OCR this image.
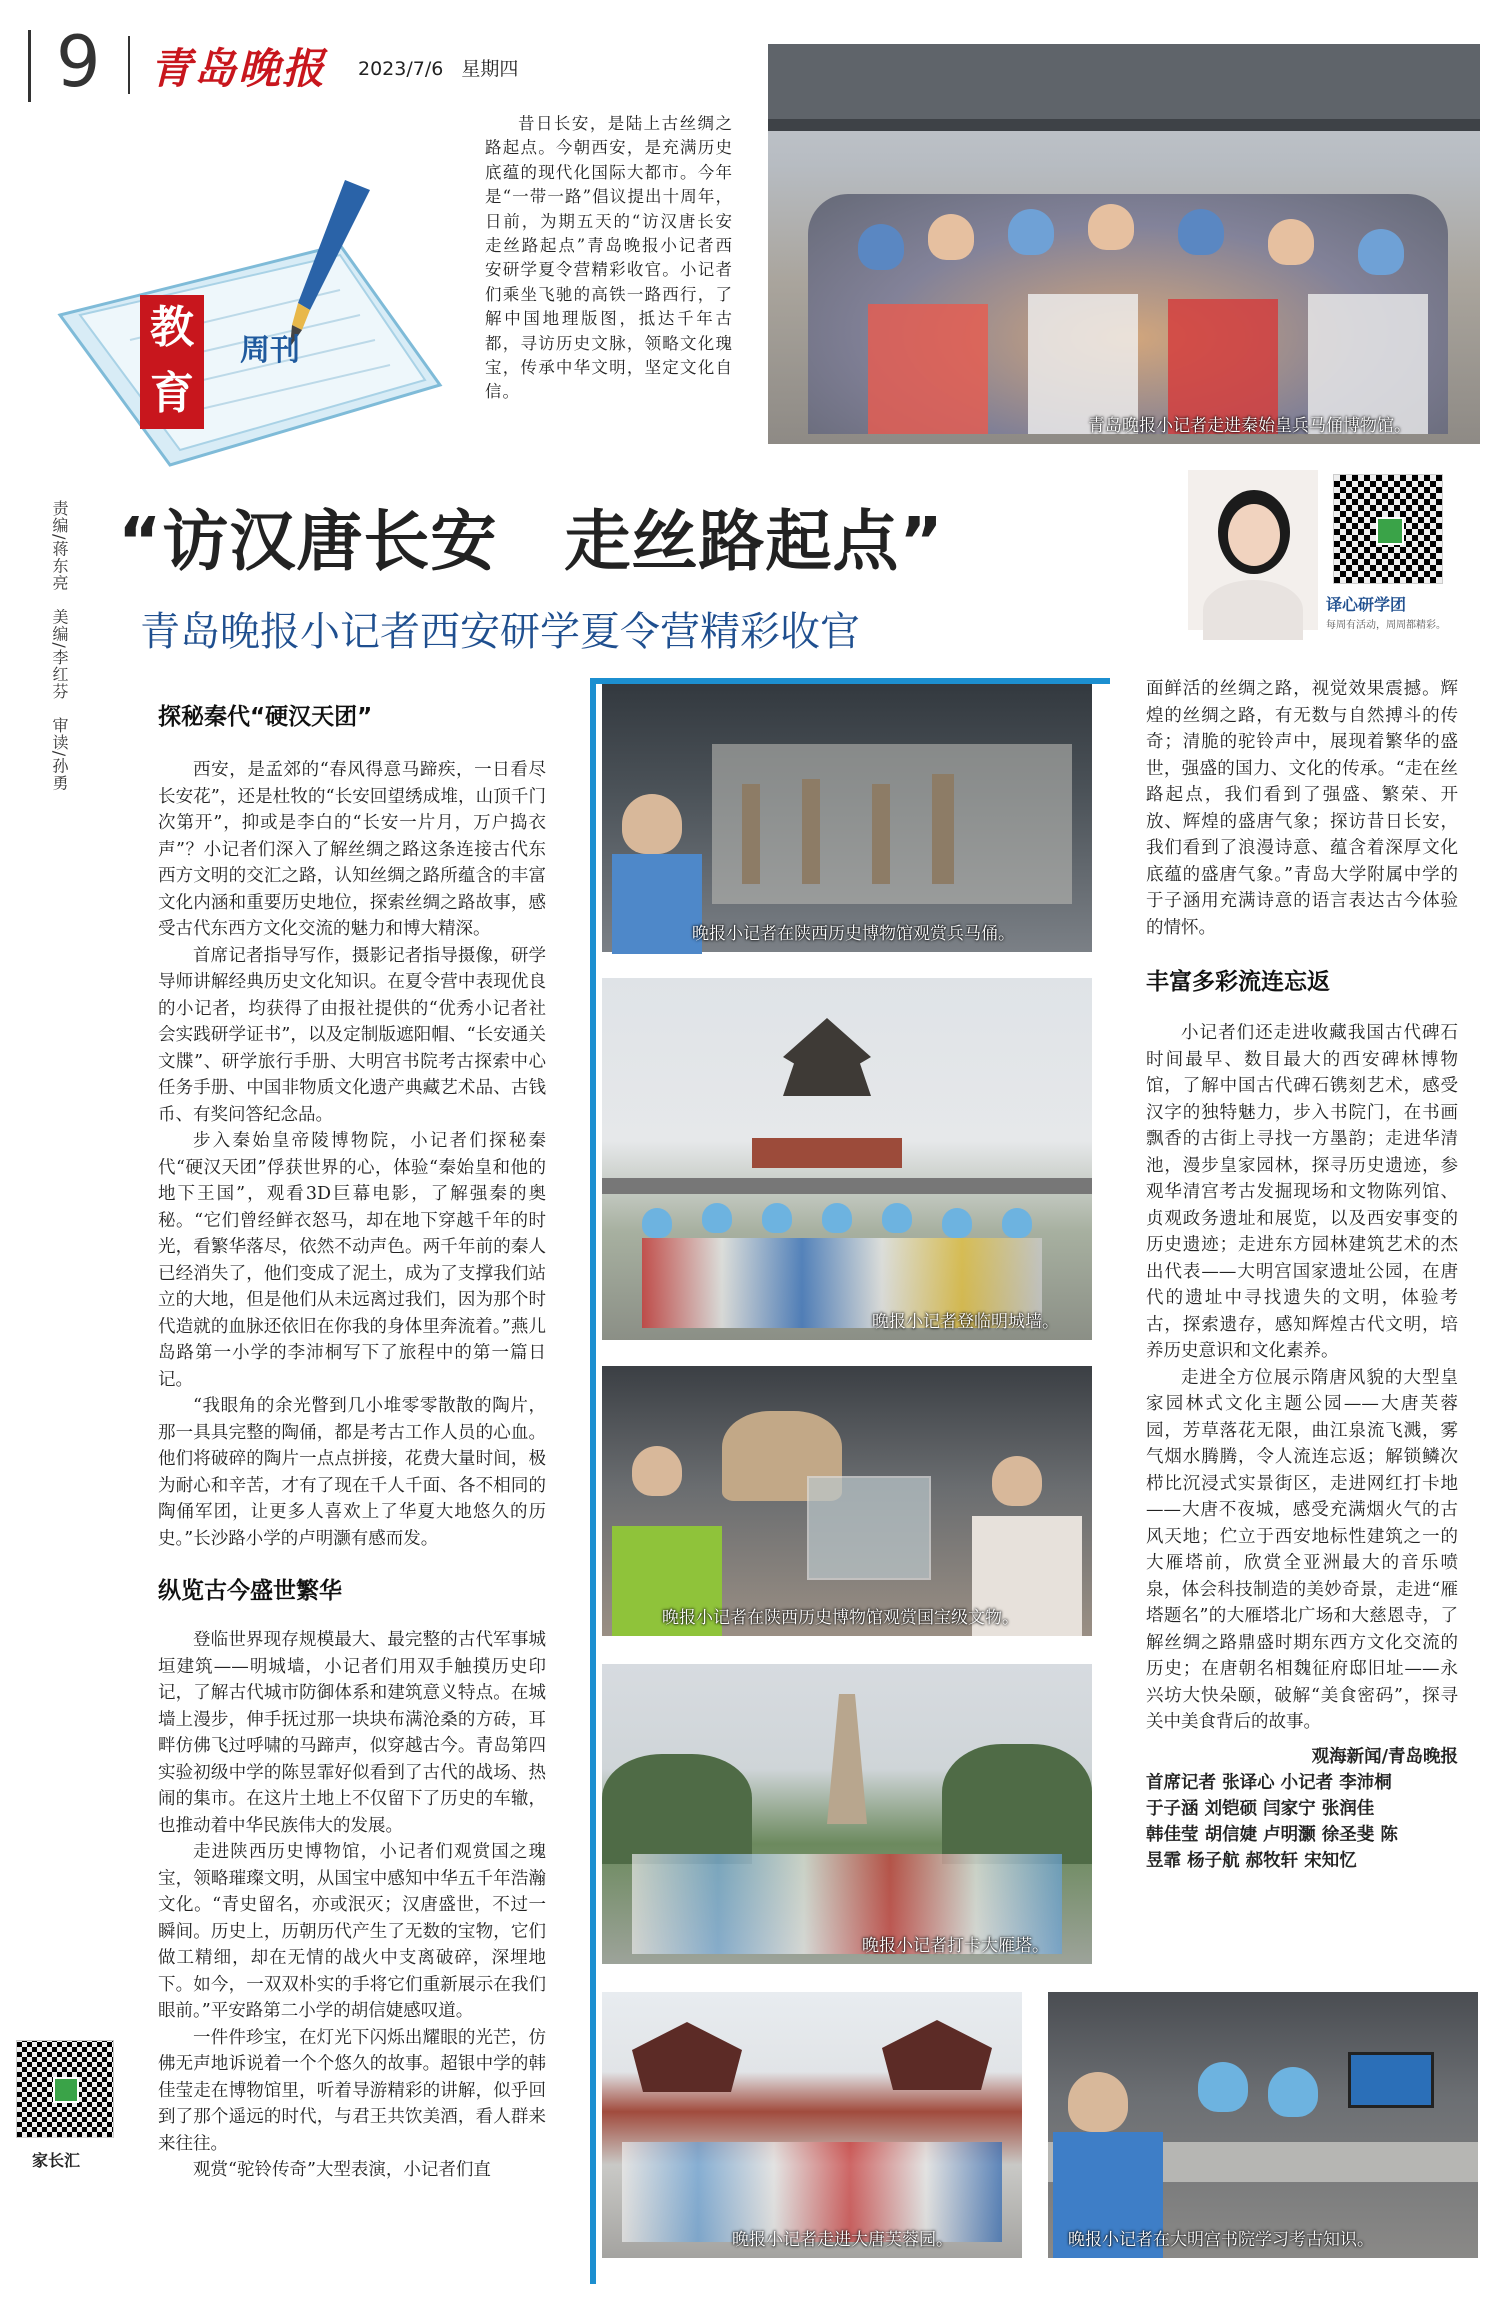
9 青岛晚报 2023/7/6 星期四
教
育
周刊

昔日长安，是陆上古丝绸之路起点。今朝西安，是充满历史底蕴的现代化国际大都市。今年是“一带一路”倡议提出十周年，日前，为期五天的“访汉唐长安　走丝路起点”青岛晚报小记者西安研学夏令营精彩收官。小记者们乘坐飞驰的高铁一路西行，了解中国地理版图，抵达千年古都，寻访历史文脉，领略文化瑰宝，传承中华文明，坚定文化自信。

青岛晚报小记者走进秦始皇兵马俑博物馆。
责编/蒋东亮　美编/李红芬　审读/孙勇 “访汉唐长安　走丝路起点”
青岛晚报小记者西安研学夏令营精彩收官
译心研学团
每周有活动，周周都精彩。
探秘秦代“硬汉天团”

西安，是孟郊的“春风得意马蹄疾，一日看尽长安花”，还是杜牧的“长安回望绣成堆，山顶千门次第开”，抑或是李白的“长安一片月，万户捣衣声”？小记者们深入了解丝绸之路这条连接古代东西方文明的交汇之路，认知丝绸之路所蕴含的丰富文化内涵和重要历史地位，探索丝绸之路故事，感受古代东西方文化交流的魅力和博大精深。

首席记者指导写作，摄影记者指导摄像，研学导师讲解经典历史文化知识。在夏令营中表现优良的小记者，均获得了由报社提供的“优秀小记者社会实践研学证书”，以及定制版遮阳帽、“长安通关文牒”、研学旅行手册、大明宫书院考古探索中心任务手册、中国非物质文化遗产典藏艺术品、古钱币、有奖问答纪念品。

步入秦始皇帝陵博物院，小记者们探秘秦代“硬汉天团”俘获世界的心，体验“秦始皇和他的地下王国”，观看3D巨幕电影，了解强秦的奥秘。“它们曾经鲜衣怒马，却在地下穿越千年的时光，看繁华落尽，依然不动声色。两千年前的秦人已经消失了，他们变成了泥土，成为了支撑我们站立的大地，但是他们从未远离过我们，因为那个时代造就的血脉还依旧在你我的身体里奔流着。”燕儿岛路第一小学的李沛桐写下了旅程中的第一篇日记。

“我眼角的余光瞥到几小堆零零散散的陶片，那一具具完整的陶俑，都是考古工作人员的心血。他们将破碎的陶片一点点拼接，花费大量时间，极为耐心和辛苦，才有了现在千人千面、各不相同的陶俑军团，让更多人喜欢上了华夏大地悠久的历史。”长沙路小学的卢明灏有感而发。

纵览古今盛世繁华

登临世界现存规模最大、最完整的古代军事城垣建筑——明城墙，小记者们用双手触摸历史印记，了解古代城市防御体系和建筑意义特点。在城墙上漫步，伸手抚过那一块块布满沧桑的方砖，耳畔仿佛飞过呼啸的马蹄声，似穿越古今。青岛第四实验初级中学的陈昱霏好似看到了古代的战场、热闹的集市。在这片土地上不仅留下了历史的车辙，也推动着中华民族伟大的发展。

走进陕西历史博物馆，小记者们观赏国之瑰宝，领略璀璨文明，从国宝中感知中华五千年浩瀚文化。“青史留名，亦或泯灭；汉唐盛世，不过一瞬间。历史上，历朝历代产生了无数的宝物，它们做工精细，却在无情的战火中支离破碎，深埋地下。如今，一双双朴实的手将它们重新展示在我们眼前。”平安路第二小学的胡信婕感叹道。

一件件珍宝，在灯光下闪烁出耀眼的光芒，仿佛无声地诉说着一个个悠久的故事。超银中学的韩佳莹走在博物馆里，听着导游精彩的讲解，似乎回到了那个遥远的时代，与君王共饮美酒，看人群来来往往。

观赏“驼铃传奇”大型表演，小记者们直

家长汇
晚报小记者在陕西历史博物馆观赏兵马俑。
晚报小记者登临明城墙。
晚报小记者在陕西历史博物馆观赏国宝级文物。
晚报小记者打卡大雁塔。
晚报小记者走进大唐芙蓉园。

面鲜活的丝绸之路，视觉效果震撼。辉煌的丝绸之路，有无数与自然搏斗的传奇；清脆的驼铃声中，展现着繁华的盛世，强盛的国力、文化的传承。“走在丝路起点，我们看到了强盛、繁荣、开放、辉煌的盛唐气象；探访昔日长安，我们看到了浪漫诗意、蕴含着深厚文化底蕴的盛唐气象。”青岛大学附属中学的于子涵用充满诗意的语言表达古今体验的情怀。

丰富多彩流连忘返

小记者们还走进收藏我国古代碑石时间最早、数目最大的西安碑林博物馆，了解中国古代碑石镌刻艺术，感受汉字的独特魅力，步入书院门，在书画飘香的古街上寻找一方墨韵；走进华清池，漫步皇家园林，探寻历史遗迹，参观华清宫考古发掘现场和文物陈列馆、贞观政务遗址和展览，以及西安事变的历史遗迹；走进东方园林建筑艺术的杰出代表——大明宫国家遗址公园，在唐代的遗址中寻找遗失的文明，体验考古，探索遗存，感知辉煌古代文明，培养历史意识和文化素养。

走进全方位展示隋唐风貌的大型皇家园林式文化主题公园——大唐芙蓉园，芳草落花无限，曲江泉流飞溅，雾气烟水腾腾，令人流连忘返；解锁鳞次栉比沉浸式实景街区，走进网红打卡地——大唐不夜城，感受充满烟火气的古风天地；伫立于西安地标性建筑之一的大雁塔前，欣赏全亚洲最大的音乐喷泉，体会科技制造的美妙奇景，走进“雁塔题名”的大雁塔北广场和大慈恩寺，了解丝绸之路鼎盛时期东西方文化交流的历史；在唐朝名相魏征府邸旧址——永兴坊大快朵颐，破解“美食密码”，探寻关中美食背后的故事。

观海新闻/青岛晚报

首席记者 张译心 小记者 李沛桐

于子涵 刘铠硕 闫家宁 张润佳

韩佳莹 胡信婕 卢明灏 徐圣斐 陈

昱霏 杨子航 郝牧轩 宋知忆

晚报小记者在大明宫书院学习考古知识。
